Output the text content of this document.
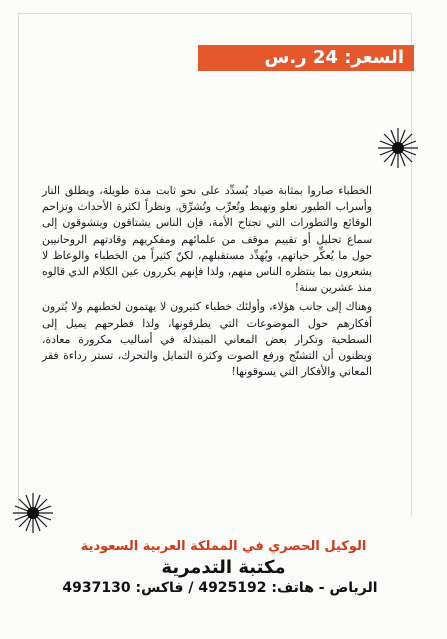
السعر: 24 ر.س

الخطباء صاروا بمثابة صياد يُسدِّد على نحو ثابت مدة طويلة، ويطلق النار وأسراب الطيور تعلو وتهبط وتُعرِّب وتُشرِّق. ونظراً لكثرة الأحداث وتزاحم الوقائع والتطورات التي تجتاح الأمة، فإن الناس يشتاقون ويتشوقون إلى سماع تحليل أو تقييم موقف من علمائهم ومفكريهم وقادتهم الروحانيين حول ما يُعكِّر حياتهم، ويُهدِّد مستقبلهم، لكنّ كثيراً من الخطباء والوعاظ لا يشعرون بما ينتظره الناس منهم، ولذا فإنهم يكررون عين الكلام الذي قالوه منذ عشرين سنة!

وهناك إلى جانب هؤلاء، وأولئك خطباء كثيرون لا يهتمون لخطبهم ولا يُثرون أفكارهم حول الموضوعات التي يطرقونها، ولذا فطرحهم يميل إلى السطحية وتكرار بعض المعاني المبتذلة في أساليب مكرورة معادة، ويظنون أن التشنّج ورفع الصوت وكثرة التمايل والتحرك، تستر رداءة فقر المعاني والأفكار التي يسوقونها!

الوكيل الحصري في المملكة العربية السعودية
مكتبة التدمرية
الرياض - هاتف: 4925192 / فاكس: 4937130
